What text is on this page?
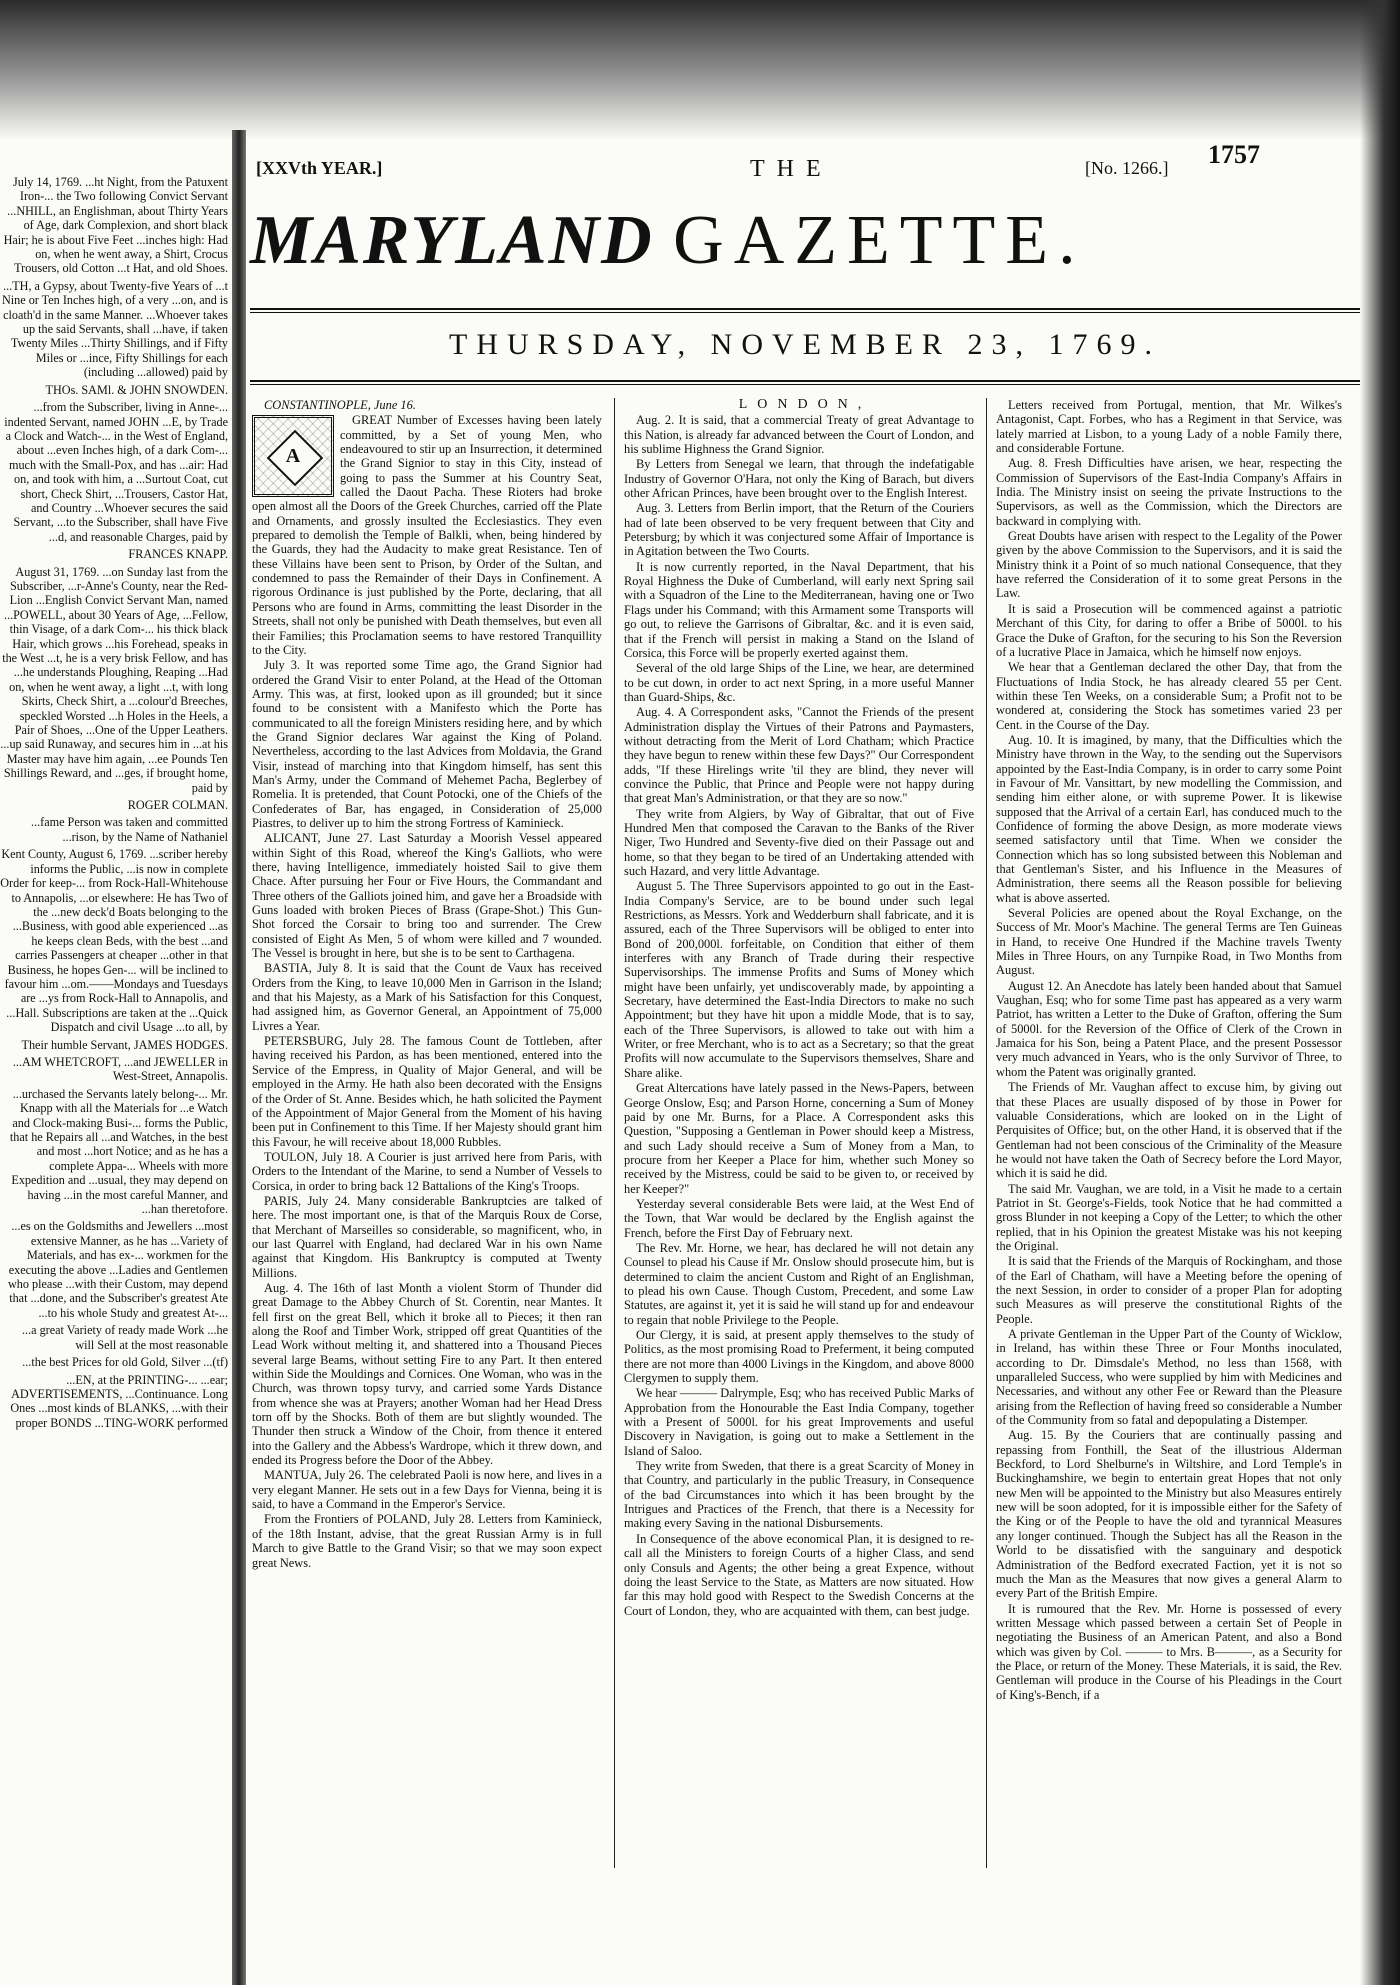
July 14, 1769. ...ht Night, from the Patuxent Iron-... the Two following Convict Servant ...NHILL, an Englishman, about Thirty Years of Age, dark Complexion, and short black Hair; he is about Five Feet ...inches high: Had on, when he went away, a Shirt, Crocus Trousers, old Cotton ...t Hat, and old Shoes.

...TH, a Gypsy, about Twenty-five Years of ...t Nine or Ten Inches high, of a very ...on, and is cloath'd in the same Manner. ...Whoever takes up the said Servants, shall ...have, if taken Twenty Miles ...Thirty Shillings, and if Fifty Miles or ...ince, Fifty Shillings for each (including ...allowed) paid by

THOs. SAMl. & JOHN SNOWDEN.

...from the Subscriber, living in Anne-... indented Servant, named JOHN ...E, by Trade a Clock and Watch-... in the West of England, about ...even Inches high, of a dark Com-... much with the Small-Pox, and has ...air: Had on, and took with him, a ...Surtout Coat, cut short, Check Shirt, ...Trousers, Castor Hat, and Country ...Whoever secures the said Servant, ...to the Subscriber, shall have Five ...d, and reasonable Charges, paid by

FRANCES KNAPP.

August 31, 1769. ...on Sunday last from the Subscriber, ...r-Anne's County, near the Red-Lion ...English Convict Servant Man, named ...POWELL, about 30 Years of Age, ...Fellow, thin Visage, of a dark Com-... his thick black Hair, which grows ...his Forehead, speaks in the West ...t, he is a very brisk Fellow, and has ...he understands Ploughing, Reaping ...Had on, when he went away, a light ...t, with long Skirts, Check Shirt, a ...colour'd Breeches, speckled Worsted ...h Holes in the Heels, a Pair of Shoes, ...One of the Upper Leathers. ...up said Runaway, and secures him in ...at his Master may have him again, ...ee Pounds Ten Shillings Reward, and ...ges, if brought home, paid by

ROGER COLMAN.

...fame Person was taken and committed ...rison, by the Name of Nathaniel

Kent County, August 6, 1769. ...scriber hereby informs the Public, ...is now in complete Order for keep-... from Rock-Hall-Whitehouse to Annapolis, ...or elsewhere: He has Two of the ...new deck'd Boats belonging to the ...Business, with good able experienced ...as he keeps clean Beds, with the best ...and carries Passengers at cheaper ...other in that Business, he hopes Gen-... will be inclined to favour him ...om.——Mondays and Tuesdays are ...ys from Rock-Hall to Annapolis, and ...Hall. Subscriptions are taken at the ...Quick Dispatch and civil Usage ...to all, by

Their humble Servant, JAMES HODGES.

...AM WHETCROFT, ...and JEWELLER in West-Street, Annapolis.

...urchased the Servants lately belong-... Mr. Knapp with all the Materials for ...e Watch and Clock-making Busi-... forms the Public, that he Repairs all ...and Watches, in the best and most ...hort Notice; and as he has a complete Appa-... Wheels with more Expedition and ...usual, they may depend on having ...in the most careful Manner, and ...han theretofore.

...es on the Goldsmiths and Jewellers ...most extensive Manner, as he has ...Variety of Materials, and has ex-... workmen for the executing the above ...Ladies and Gentlemen who please ...with their Custom, may depend that ...done, and the Subscriber's greatest Ate ...to his whole Study and greatest At-...

...a great Variety of ready made Work ...he will Sell at the most reasonable

...the best Prices for old Gold, Silver ...(tf)

...EN, at the PRINTING-... ...ear; ADVERTISEMENTS, ...Continuance. Long Ones ...most kinds of BLANKS, ...with their proper BONDS ...TING-WORK performed

[XXVth YEAR.]	THE	[No. 1266.] 1757
MARYLAND GAZETTE.
THURSDAY, NOVEMBER 23, 1769.

CONSTANTINOPLE, June 16.

A

GREAT Number of Excesses having been lately committed, by a Set of young Men, who endeavoured to stir up an Insurrection, it determined the Grand Signior to stay in this City, instead of going to pass the Summer at his Country Seat, called the Daout Pacha. These Rioters had broke open almost all the Doors of the Greek Churches, carried off the Plate and Ornaments, and grossly insulted the Ecclesiastics. They even prepared to demolish the Temple of Balkli, when, being hindered by the Guards, they had the Audacity to make great Resistance. Ten of these Villains have been sent to Prison, by Order of the Sultan, and condemned to pass the Remainder of their Days in Confinement. A rigorous Ordinance is just published by the Porte, declaring, that all Persons who are found in Arms, committing the least Disorder in the Streets, shall not only be punished with Death themselves, but even all their Families; this Proclamation seems to have restored Tranquillity to the City.

July 3. It was reported some Time ago, the Grand Signior had ordered the Grand Visir to enter Poland, at the Head of the Ottoman Army. This was, at first, looked upon as ill grounded; but it since found to be consistent with a Manifesto which the Porte has communicated to all the foreign Ministers residing here, and by which the Grand Signior declares War against the King of Poland. Nevertheless, according to the last Advices from Moldavia, the Grand Visir, instead of marching into that Kingdom himself, has sent this Man's Army, under the Command of Mehemet Pacha, Beglerbey of Romelia. It is pretended, that Count Potocki, one of the Chiefs of the Confederates of Bar, has engaged, in Consideration of 25,000 Piastres, to deliver up to him the strong Fortress of Kaminieck.

ALICANT, June 27. Last Saturday a Moorish Vessel appeared within Sight of this Road, whereof the King's Galliots, who were there, having Intelligence, immediately hoisted Sail to give them Chace. After pursuing her Four or Five Hours, the Commandant and Three others of the Galliots joined him, and gave her a Broadside with Guns loaded with broken Pieces of Brass (Grape-Shot.) This Gun-Shot forced the Corsair to bring too and surrender. The Crew consisted of Eight As Men, 5 of whom were killed and 7 wounded. The Vessel is brought in here, but she is to be sent to Carthagena.

BASTIA, July 8. It is said that the Count de Vaux has received Orders from the King, to leave 10,000 Men in Garrison in the Island; and that his Majesty, as a Mark of his Satisfaction for this Conquest, had assigned him, as Governor General, an Appointment of 75,000 Livres a Year.

PETERSBURG, July 28. The famous Count de Tottleben, after having received his Pardon, as has been mentioned, entered into the Service of the Empress, in Quality of Major General, and will be employed in the Army. He hath also been decorated with the Ensigns of the Order of St. Anne. Besides which, he hath solicited the Payment of the Appointment of Major General from the Moment of his having been put in Confinement to this Time. If her Majesty should grant him this Favour, he will receive about 18,000 Rubbles.

TOULON, July 18. A Courier is just arrived here from Paris, with Orders to the Intendant of the Marine, to send a Number of Vessels to Corsica, in order to bring back 12 Battalions of the King's Troops.

PARIS, July 24. Many considerable Bankruptcies are talked of here. The most important one, is that of the Marquis Roux de Corse, that Merchant of Marseilles so considerable, so magnificent, who, in our last Quarrel with England, had declared War in his own Name against that Kingdom. His Bankruptcy is computed at Twenty Millions.

Aug. 4. The 16th of last Month a violent Storm of Thunder did great Damage to the Abbey Church of St. Corentin, near Mantes. It fell first on the great Bell, which it broke all to Pieces; it then ran along the Roof and Timber Work, stripped off great Quantities of the Lead Work without melting it, and shattered into a Thousand Pieces several large Beams, without setting Fire to any Part. It then entered within Side the Mouldings and Cornices. One Woman, who was in the Church, was thrown topsy turvy, and carried some Yards Distance from whence she was at Prayers; another Woman had her Head Dress torn off by the Shocks. Both of them are but slightly wounded. The Thunder then struck a Window of the Choir, from thence it entered into the Gallery and the Abbess's Wardrope, which it threw down, and ended its Progress before the Door of the Abbey.

MANTUA, July 26. The celebrated Paoli is now here, and lives in a very elegant Manner. He sets out in a few Days for Vienna, being it is said, to have a Command in the Emperor's Service.

From the Frontiers of POLAND, July 28. Letters from Kaminieck, of the 18th Instant, advise, that the great Russian Army is in full March to give Battle to the Grand Visir; so that we may soon expect great News.

LONDON,

Aug. 2. It is said, that a commercial Treaty of great Advantage to this Nation, is already far advanced between the Court of London, and his sublime Highness the Grand Signior.

By Letters from Senegal we learn, that through the indefatigable Industry of Governor O'Hara, not only the King of Barach, but divers other African Princes, have been brought over to the English Interest.

Aug. 3. Letters from Berlin import, that the Return of the Couriers had of late been observed to be very frequent between that City and Petersburg; by which it was conjectured some Affair of Importance is in Agitation between the Two Courts.

It is now currently reported, in the Naval Department, that his Royal Highness the Duke of Cumberland, will early next Spring sail with a Squadron of the Line to the Mediterranean, having one or Two Flags under his Command; with this Armament some Transports will go out, to relieve the Garrisons of Gibraltar, &c. and it is even said, that if the French will persist in making a Stand on the Island of Corsica, this Force will be properly exerted against them.

Several of the old large Ships of the Line, we hear, are determined to be cut down, in order to act next Spring, in a more useful Manner than Guard-Ships, &c.

Aug. 4. A Correspondent asks, "Cannot the Friends of the present Administration display the Virtues of their Patrons and Paymasters, without detracting from the Merit of Lord Chatham; which Practice they have begun to renew within these few Days?" Our Correspondent adds, "If these Hirelings write 'til they are blind, they never will convince the Public, that Prince and People were not happy during that great Man's Administration, or that they are so now."

They write from Algiers, by Way of Gibraltar, that out of Five Hundred Men that composed the Caravan to the Banks of the River Niger, Two Hundred and Seventy-five died on their Passage out and home, so that they began to be tired of an Undertaking attended with such Hazard, and very little Advantage.

August 5. The Three Supervisors appointed to go out in the East-India Company's Service, are to be bound under such legal Restrictions, as Messrs. York and Wedderburn shall fabricate, and it is assured, each of the Three Supervisors will be obliged to enter into Bond of 200,000l. forfeitable, on Condition that either of them interferes with any Branch of Trade during their respective Supervisorships. The immense Profits and Sums of Money which might have been unfairly, yet undiscoverably made, by appointing a Secretary, have determined the East-India Directors to make no such Appointment; but they have hit upon a middle Mode, that is to say, each of the Three Supervisors, is allowed to take out with him a Writer, or free Merchant, who is to act as a Secretary; so that the great Profits will now accumulate to the Supervisors themselves, Share and Share alike.

Great Altercations have lately passed in the News-Papers, between George Onslow, Esq; and Parson Horne, concerning a Sum of Money paid by one Mr. Burns, for a Place. A Correspondent asks this Question, "Supposing a Gentleman in Power should keep a Mistress, and such Lady should receive a Sum of Money from a Man, to procure from her Keeper a Place for him, whether such Money so received by the Mistress, could be said to be given to, or received by her Keeper?"

Yesterday several considerable Bets were laid, at the West End of the Town, that War would be declared by the English against the French, before the First Day of February next.

The Rev. Mr. Horne, we hear, has declared he will not detain any Counsel to plead his Cause if Mr. Onslow should prosecute him, but is determined to claim the ancient Custom and Right of an Englishman, to plead his own Cause. Though Custom, Precedent, and some Law Statutes, are against it, yet it is said he will stand up for and endeavour to regain that noble Privilege to the People.

Our Clergy, it is said, at present apply themselves to the study of Politics, as the most promising Road to Preferment, it being computed there are not more than 4000 Livings in the Kingdom, and above 8000 Clergymen to supply them.

We hear ——— Dalrymple, Esq; who has received Public Marks of Approbation from the Honourable the East India Company, together with a Present of 5000l. for his great Improvements and useful Discovery in Navigation, is going out to make a Settlement in the Island of Saloo.

They write from Sweden, that there is a great Scarcity of Money in that Country, and particularly in the public Treasury, in Consequence of the bad Circumstances into which it has been brought by the Intrigues and Practices of the French, that there is a Necessity for making every Saving in the national Disbursements.

In Consequence of the above economical Plan, it is designed to re-call all the Ministers to foreign Courts of a higher Class, and send only Consuls and Agents; the other being a great Expence, without doing the least Service to the State, as Matters are now situated. How far this may hold good with Respect to the Swedish Concerns at the Court of London, they, who are acquainted with them, can best judge.

Letters received from Portugal, mention, that Mr. Wilkes's Antagonist, Capt. Forbes, who has a Regiment in that Service, was lately married at Lisbon, to a young Lady of a noble Family there, and considerable Fortune.

Aug. 8. Fresh Difficulties have arisen, we hear, respecting the Commission of Supervisors of the East-India Company's Affairs in India. The Ministry insist on seeing the private Instructions to the Supervisors, as well as the Commission, which the Directors are backward in complying with.

Great Doubts have arisen with respect to the Legality of the Power given by the above Commission to the Supervisors, and it is said the Ministry think it a Point of so much national Consequence, that they have referred the Consideration of it to some great Persons in the Law.

It is said a Prosecution will be commenced against a patriotic Merchant of this City, for daring to offer a Bribe of 5000l. to his Grace the Duke of Grafton, for the securing to his Son the Reversion of a lucrative Place in Jamaica, which he himself now enjoys.

We hear that a Gentleman declared the other Day, that from the Fluctuations of India Stock, he has already cleared 55 per Cent. within these Ten Weeks, on a considerable Sum; a Profit not to be wondered at, considering the Stock has sometimes varied 23 per Cent. in the Course of the Day.

Aug. 10. It is imagined, by many, that the Difficulties which the Ministry have thrown in the Way, to the sending out the Supervisors appointed by the East-India Company, is in order to carry some Point in Favour of Mr. Vansittart, by new modelling the Commission, and sending him either alone, or with supreme Power. It is likewise supposed that the Arrival of a certain Earl, has conduced much to the Confidence of forming the above Design, as more moderate views seemed satisfactory until that Time. When we consider the Connection which has so long subsisted between this Nobleman and that Gentleman's Sister, and his Influence in the Measures of Administration, there seems all the Reason possible for believing what is above asserted.

Several Policies are opened about the Royal Exchange, on the Success of Mr. Moor's Machine. The general Terms are Ten Guineas in Hand, to receive One Hundred if the Machine travels Twenty Miles in Three Hours, on any Turnpike Road, in Two Months from August.

August 12. An Anecdote has lately been handed about that Samuel Vaughan, Esq; who for some Time past has appeared as a very warm Patriot, has written a Letter to the Duke of Grafton, offering the Sum of 5000l. for the Reversion of the Office of Clerk of the Crown in Jamaica for his Son, being a Patent Place, and the present Possessor very much advanced in Years, who is the only Survivor of Three, to whom the Patent was originally granted.

The Friends of Mr. Vaughan affect to excuse him, by giving out that these Places are usually disposed of by those in Power for valuable Considerations, which are looked on in the Light of Perquisites of Office; but, on the other Hand, it is observed that if the Gentleman had not been conscious of the Criminality of the Measure he would not have taken the Oath of Secrecy before the Lord Mayor, which it is said he did.

The said Mr. Vaughan, we are told, in a Visit he made to a certain Patriot in St. George's-Fields, took Notice that he had committed a gross Blunder in not keeping a Copy of the Letter; to which the other replied, that in his Opinion the greatest Mistake was his not keeping the Original.

It is said that the Friends of the Marquis of Rockingham, and those of the Earl of Chatham, will have a Meeting before the opening of the next Session, in order to consider of a proper Plan for adopting such Measures as will preserve the constitutional Rights of the People.

A private Gentleman in the Upper Part of the County of Wicklow, in Ireland, has within these Three or Four Months inoculated, according to Dr. Dimsdale's Method, no less than 1568, with unparalleled Success, who were supplied by him with Medicines and Necessaries, and without any other Fee or Reward than the Pleasure arising from the Reflection of having freed so considerable a Number of the Community from so fatal and depopulating a Distemper.

Aug. 15. By the Couriers that are continually passing and repassing from Fonthill, the Seat of the illustrious Alderman Beckford, to Lord Shelburne's in Wiltshire, and Lord Temple's in Buckinghamshire, we begin to entertain great Hopes that not only new Men will be appointed to the Ministry but also Measures entirely new will be soon adopted, for it is impossible either for the Safety of the King or of the People to have the old and tyrannical Measures any longer continued. Though the Subject has all the Reason in the World to be dissatisfied with the sanguinary and despotick Administration of the Bedford execrated Faction, yet it is not so much the Man as the Measures that now gives a general Alarm to every Part of the British Empire.

It is rumoured that the Rev. Mr. Horne is possessed of every written Message which passed between a certain Set of People in negotiating the Business of an American Patent, and also a Bond which was given by Col. ——— to Mrs. B———, as a Security for the Place, or return of the Money. These Materials, it is said, the Rev. Gentleman will produce in the Course of his Pleadings in the Court of King's-Bench, if a
